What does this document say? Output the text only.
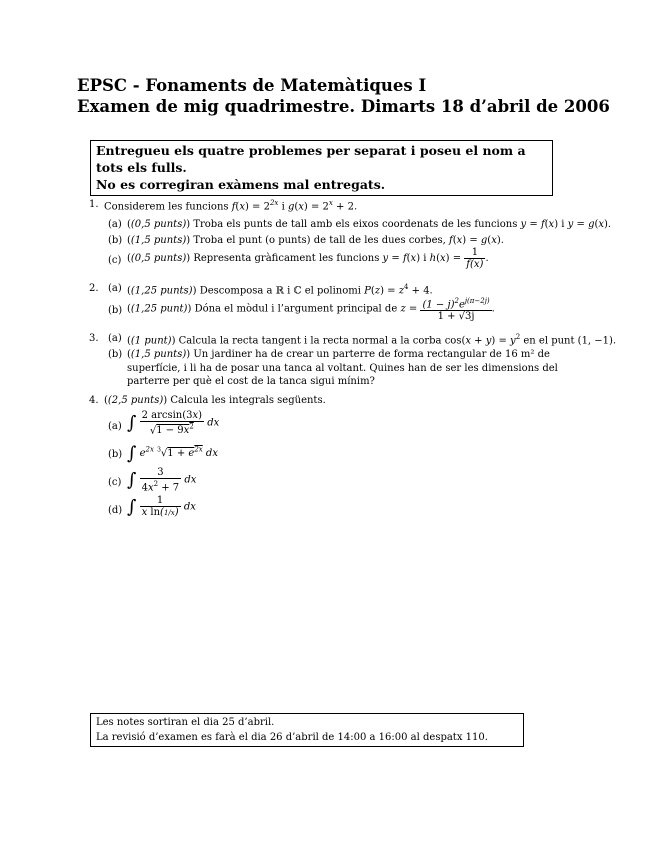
EPSC - Fonaments de Matemàtiques I
Examen de mig quadrimestre. Dimarts 18 d’abril de 2006
Entregueu els quatre problemes per separat i poseu el nom a tots els fulls.
No es corregiran exàmens mal entregats.
1. Considerem les funcions $f(x) = 2^{2x}$ i $g(x) = 2^x + 2$.
(a) ((0,5 punts)) Troba els punts de tall amb els eixos coordenats de les funcions y = f(x) i y = g(x).
(b) ((1,5 punts)) Troba el punt (o punts) de tall de les dues corbes, f(x) = g(x).
(c) ((0,5 punts)) Representa gràficament les funcions y = f(x) i $h(x) = \frac{1}{f(x)}$ .
2. (a) ((1,25 punts)) Descomposa a ℝ i ℂ el polinomi $P(z) = z^4 + 4$.
(b) ((1,25 punt)) Dóna el mòdul i l’argument principal de $z = \frac{(1 - j)^2e^{j(\pi-2j)}}{1 + √3j}$ .
3. (a) ((1 punt)) Calcula la recta tangent i la recta normal a la corba $\cos(x + y) = y^2$ en el punt (1, −1).
(b) ((1,5 punts)) Un jardiner ha de crear un parterre de forma rectangular de 16 m² de superfície, i li ha de posar una tanca al voltant. Quines han de ser les dimensions del parterre per què el cost de la tanca sigui mínim?
4. ((2,5 punts)) Calcula les integrals següents.
(a) ∫ $\frac{2 \arcsin(3x)}{√1 - 9x^2}$ dx
(b) ∫ $e^{2x}$ $^3√1 + e^{2x}$ dx
(c) ∫ $\frac{3}{4x^2 + 7}$ dx
(d) ∫ $\frac{1}{\text{x ln(1/x)}}$ dx
Les notes sortiran el dia 25 d’abril.
La revisió d’examen es farà el dia 26 d’abril de 14:00 a 16:00 al despatx 110.
